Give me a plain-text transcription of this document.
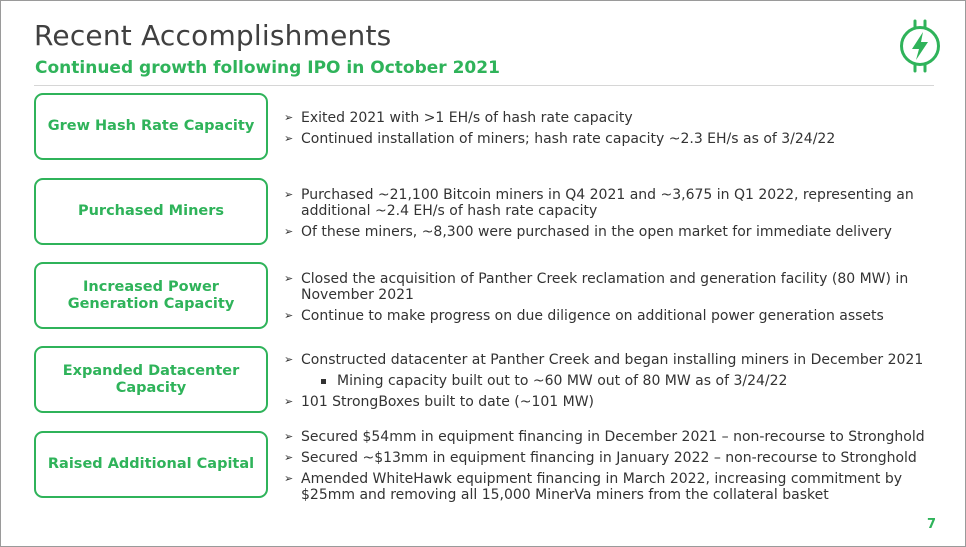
Recent Accomplishments
Continued growth following IPO in October 2021
Grew Hash Rate Capacity
➢	Exited 2021 with >1 EH/s of hash rate capacity
➢ Continued installation of miners; hash rate capacity ~2.3 EH/s as of 3/24/22
Purchased Miners
➢ Purchased ~21,100 Bitcoin miners in Q4 2021 and ~3,675 in Q1 2022, representing an additional ~2.4 EH/s of hash rate capacity
➢ Of these miners, ~8,300 were purchased in the open market for immediate delivery
Increased Power Generation Capacity
➢ Closed the acquisition of Panther Creek reclamation and generation facility (80 MW) in November 2021
➢ Continue to make progress on due diligence on additional power generation assets
Expanded Datacenter Capacity
➢ Constructed datacenter at Panther Creek and began installing miners in December 2021
Mining capacity built out to ~60 MW out of 80 MW as of 3/24/22
➢ 101 StrongBoxes built to date (~101 MW)
Raised Additional Capital
➢ Secured $54mm in equipment financing in December 2021 – non-recourse to Stronghold
➢ Secured ~$13mm in equipment financing in January 2022 – non-recourse to Stronghold
➢ Amended WhiteHawk equipment financing in March 2022, increasing commitment by $25mm and removing all 15,000 MinerVa miners from the collateral basket
7
